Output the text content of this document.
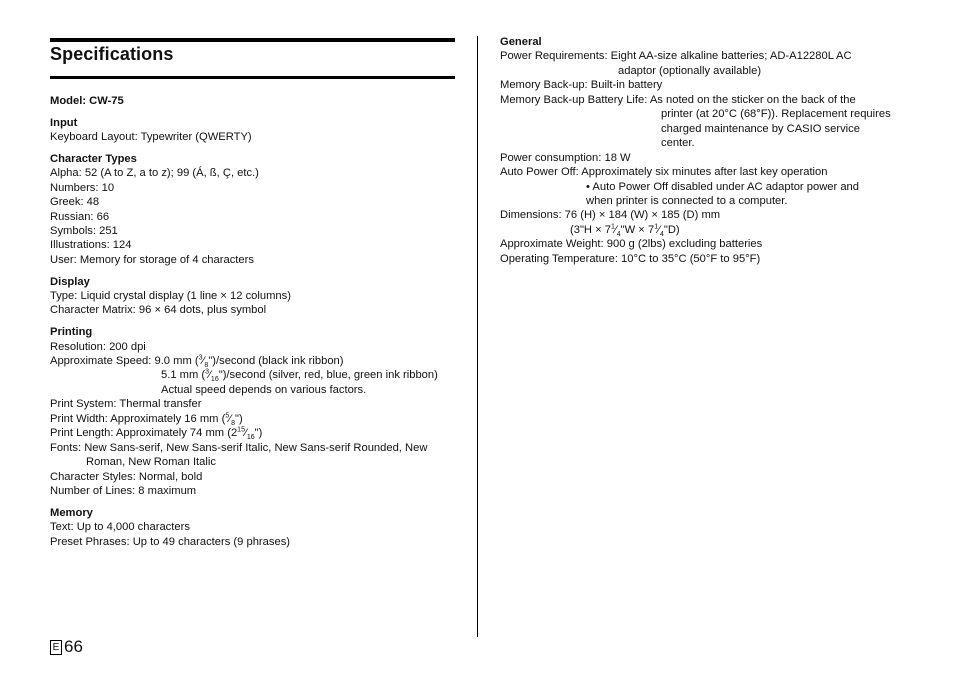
Specifications
Model: CW-75
Input
Keyboard Layout: Typewriter (QWERTY)
Character Types
Alpha: 52 (A to Z, a to z); 99 (Á, ß, Ç, etc.)
Numbers: 10
Greek: 48
Russian: 66
Symbols: 251
Illustrations: 124
User: Memory for storage of 4 characters
Display
Type: Liquid crystal display (1 line × 12 columns)
Character Matrix: 96 × 64 dots, plus symbol
Printing
Resolution: 200 dpi
Approximate Speed: 9.0 mm $(^3⁄_8")$/second (black ink ribbon)
5.1 mm $(^3⁄_{16}")$/second (silver, red, blue, green ink ribbon)
Actual speed depends on various factors.
Print System: Thermal transfer
Print Width: Approximately 16 mm $(^5⁄_8")$
Print Length: Approximately 74 mm $(2^{15}⁄_{16}")$
Fonts: New Sans-serif, New Sans-serif Italic, New Sans-serif Rounded, New
Roman, New Roman Italic
Character Styles: Normal, bold
Number of Lines: 8 maximum
Memory
Text: Up to 4,000 characters
Preset Phrases: Up to 49 characters (9 phrases)
General
Power Requirements: Eight AA-size alkaline batteries; AD-A12280L AC
adaptor (optionally available)
Memory Back-up: Built-in battery
Memory Back-up Battery Life: As noted on the sticker on the back of the
printer (at 20°C (68°F)). Replacement requires charged maintenance by CASIO service center.
Power consumption: 18 W
Auto Power Off: Approximately six minutes after last key operation
• Auto Power Off disabled under AC adaptor power and when printer is connected to a computer.
Dimensions: 76 (H) × 184 (W) × 185 (D) mm
(3"H × $7^1⁄_4"W$ × $7^1⁄_4"D$)
Approximate Weight: 900 g (2lbs) excluding batteries
Operating Temperature: 10°C to 35°C (50°F to 95°F)
E 66
